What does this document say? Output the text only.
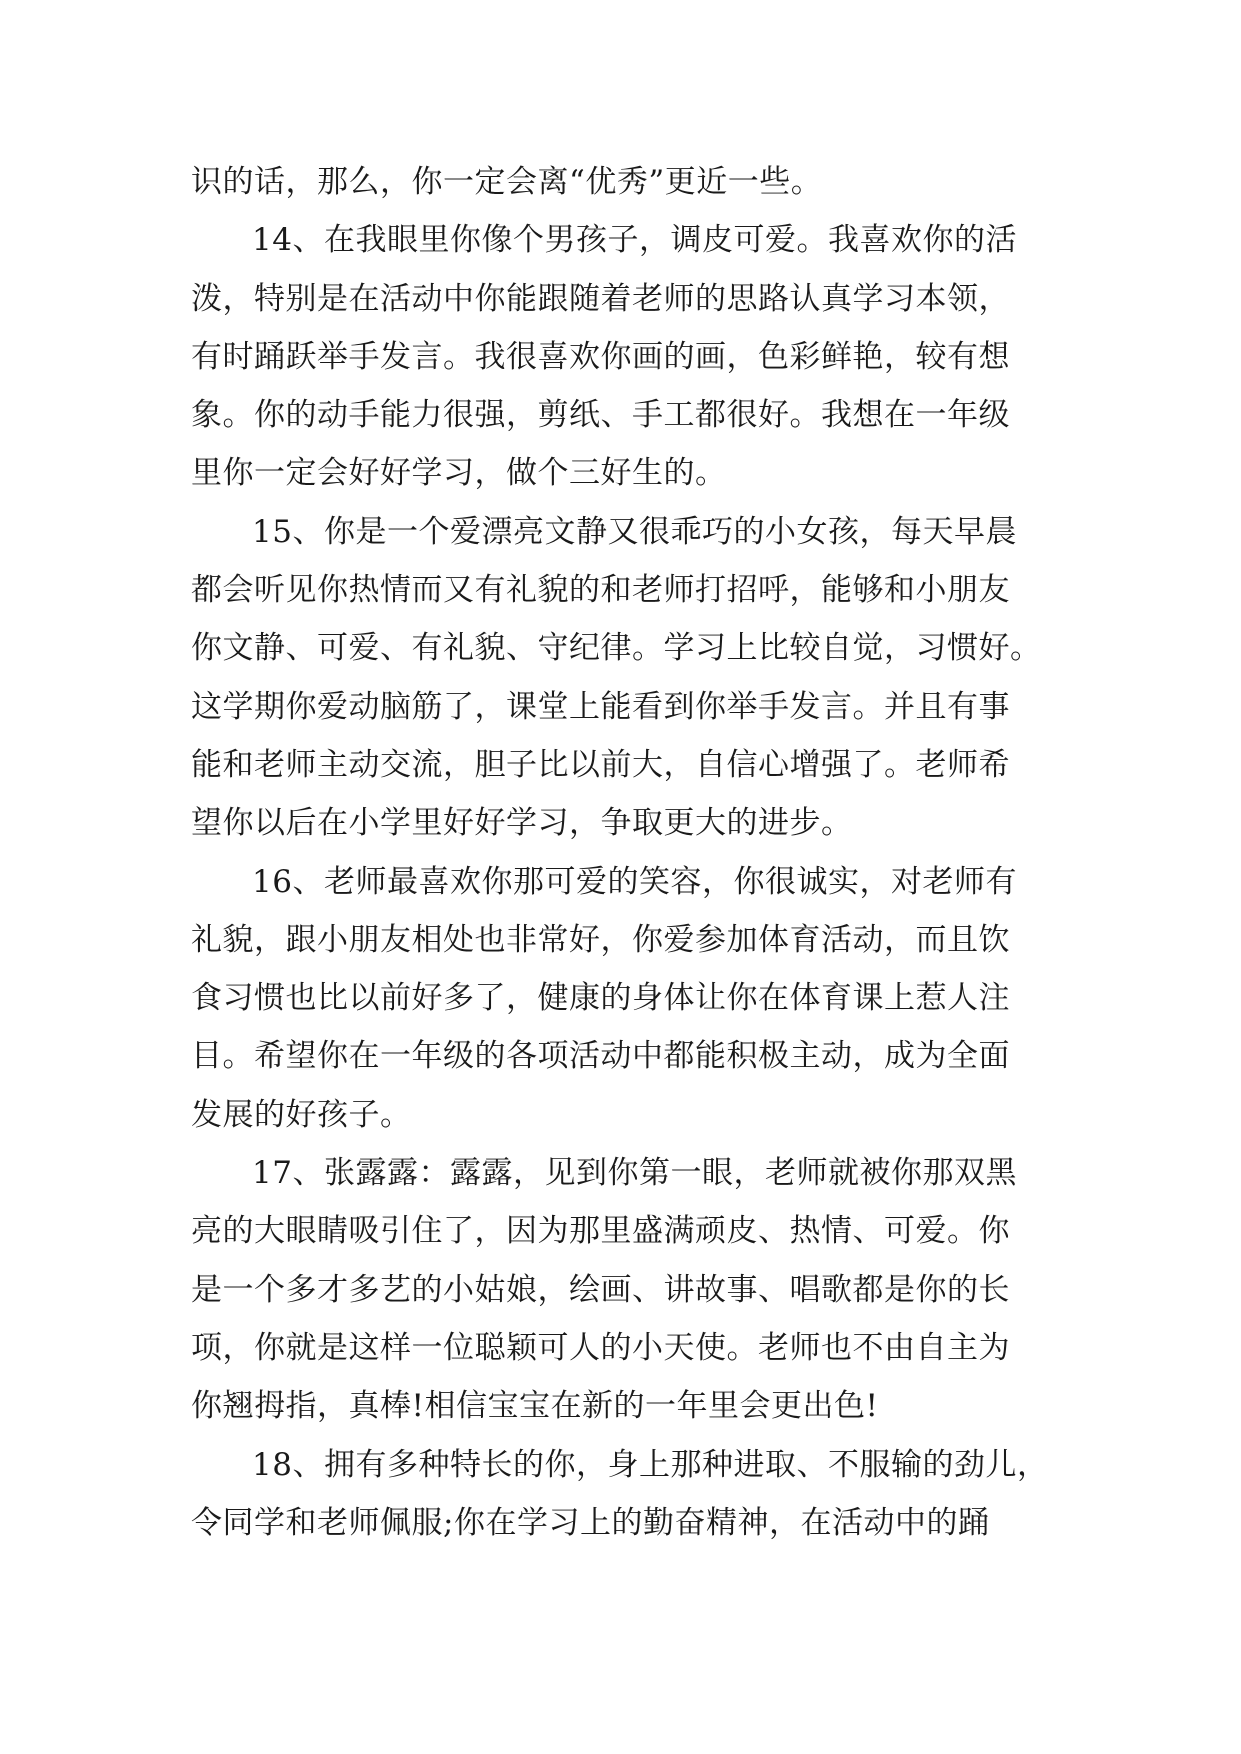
识的话，那么，你一定会离“优秀”更近一些。
14、在我眼里你像个男孩子，调皮可爱。我喜欢你的活
泼，特别是在活动中你能跟随着老师的思路认真学习本领，
有时踊跃举手发言。我很喜欢你画的画，色彩鲜艳，较有想
象。你的动手能力很强，剪纸、手工都很好。我想在一年级
里你一定会好好学习，做个三好生的。
15、你是一个爱漂亮文静又很乖巧的小女孩，每天早晨
都会听见你热情而又有礼貌的和老师打招呼，能够和小朋友
你文静、可爱、有礼貌、守纪律。学习上比较自觉，习惯好。
这学期你爱动脑筋了，课堂上能看到你举手发言。并且有事
能和老师主动交流，胆子比以前大，自信心增强了。老师希
望你以后在小学里好好学习，争取更大的进步。
16、老师最喜欢你那可爱的笑容，你很诚实，对老师有
礼貌，跟小朋友相处也非常好，你爱参加体育活动，而且饮
食习惯也比以前好多了，健康的身体让你在体育课上惹人注
目。希望你在一年级的各项活动中都能积极主动，成为全面
发展的好孩子。
17、张露露：露露，见到你第一眼，老师就被你那双黑
亮的大眼睛吸引住了，因为那里盛满顽皮、热情、可爱。你
是一个多才多艺的小姑娘，绘画、讲故事、唱歌都是你的长
项，你就是这样一位聪颖可人的小天使。老师也不由自主为
你翘拇指，真棒!相信宝宝在新的一年里会更出色!
18、拥有多种特长的你，身上那种进取、不服输的劲儿，
令同学和老师佩服;你在学习上的勤奋精神，在活动中的踊
